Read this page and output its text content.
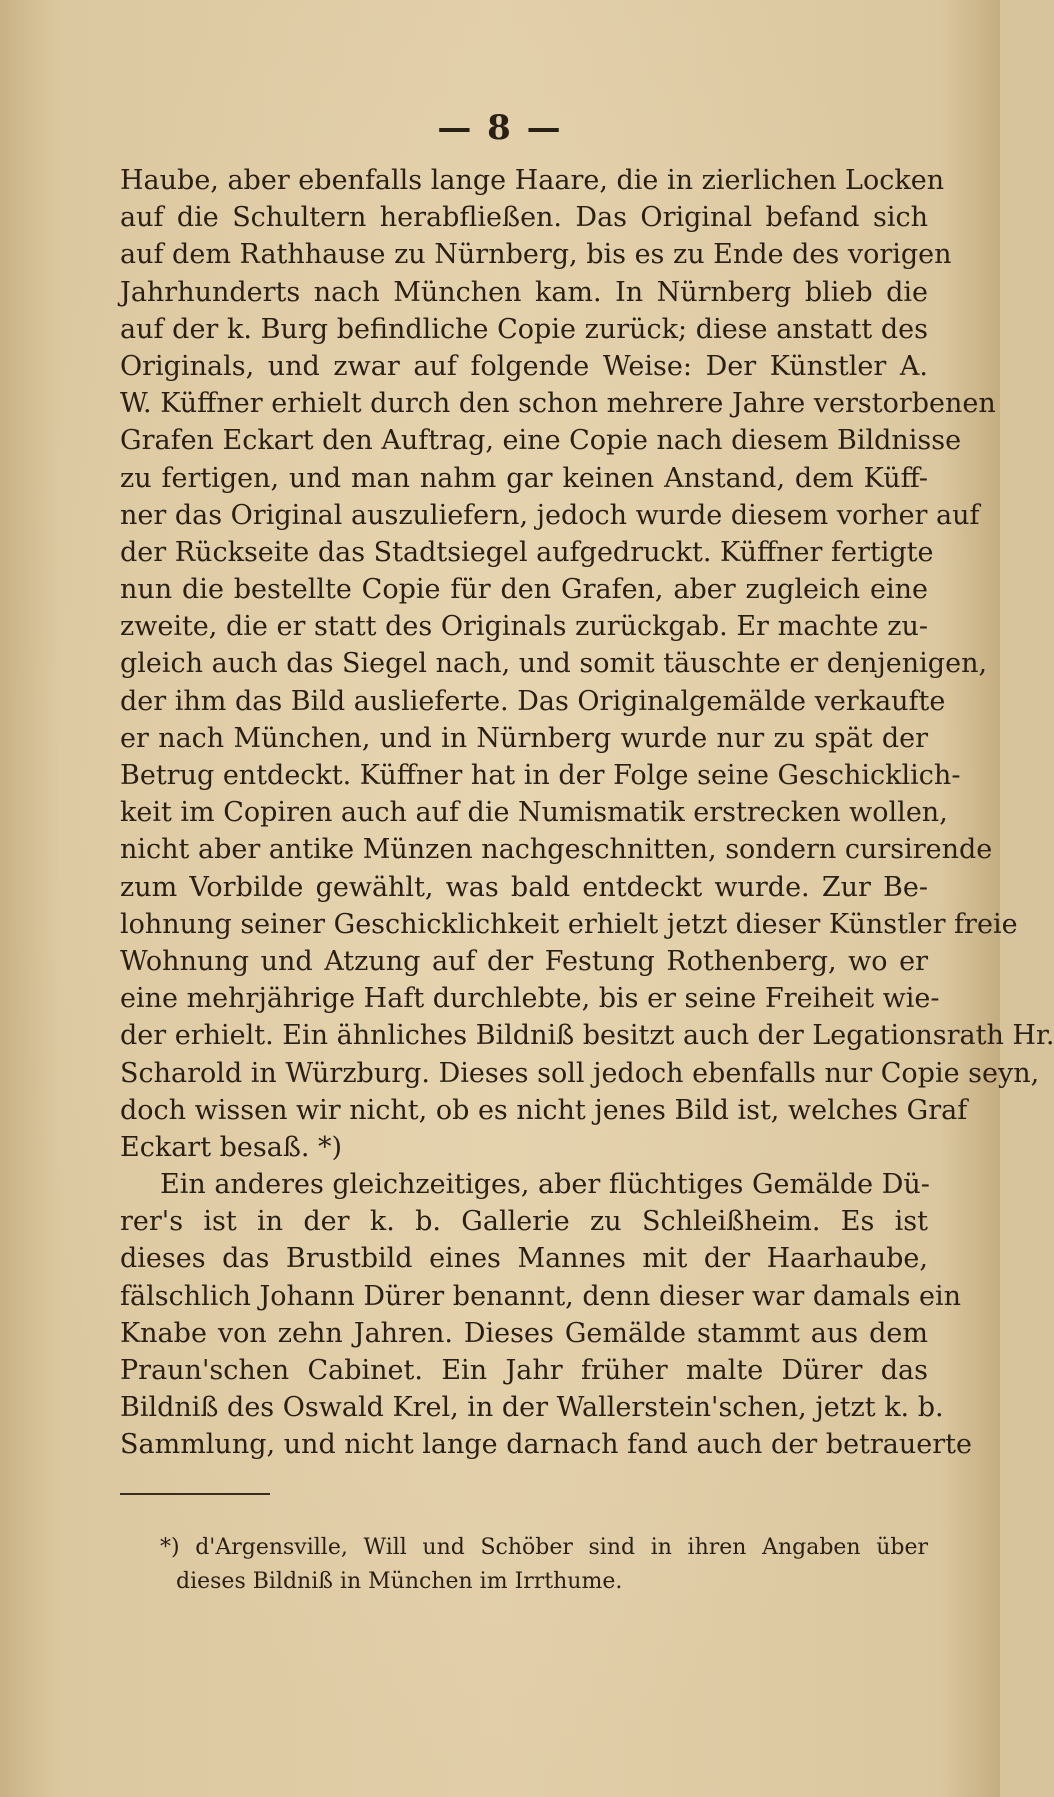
— 8 —
Haube, aber ebenfalls lange Haare, die in zierlichen Locken
auf die Schultern herabfließen. Das Original befand sich
auf dem Rathhause zu Nürnberg, bis es zu Ende des vorigen
Jahrhunderts nach München kam. In Nürnberg blieb die
auf der k. Burg befindliche Copie zurück; diese anstatt des
Originals, und zwar auf folgende Weise: Der Künstler A.
W. Küffner erhielt durch den schon mehrere Jahre verstorbenen
Grafen Eckart den Auftrag, eine Copie nach diesem Bildnisse
zu fertigen, und man nahm gar keinen Anstand, dem Küff-
ner das Original auszuliefern, jedoch wurde diesem vorher auf
der Rückseite das Stadtsiegel aufgedruckt. Küffner fertigte
nun die bestellte Copie für den Grafen, aber zugleich eine
zweite, die er statt des Originals zurückgab. Er machte zu-
gleich auch das Siegel nach, und somit täuschte er denjenigen,
der ihm das Bild auslieferte. Das Originalgemälde verkaufte
er nach München, und in Nürnberg wurde nur zu spät der
Betrug entdeckt. Küffner hat in der Folge seine Geschicklich-
keit im Copiren auch auf die Numismatik erstrecken wollen,
nicht aber antike Münzen nachgeschnitten, sondern cursirende
zum Vorbilde gewählt, was bald entdeckt wurde. Zur Be-
lohnung seiner Geschicklichkeit erhielt jetzt dieser Künstler freie
Wohnung und Atzung auf der Festung Rothenberg, wo er
eine mehrjährige Haft durchlebte, bis er seine Freiheit wie-
der erhielt. Ein ähnliches Bildniß besitzt auch der Legationsrath Hr.
Scharold in Würzburg. Dieses soll jedoch ebenfalls nur Copie seyn,
doch wissen wir nicht, ob es nicht jenes Bild ist, welches Graf
Eckart besaß. *)
Ein anderes gleichzeitiges, aber flüchtiges Gemälde Dü-
rer's ist in der k. b. Gallerie zu Schleißheim. Es ist
dieses das Brustbild eines Mannes mit der Haarhaube,
fälschlich Johann Dürer benannt, denn dieser war damals ein
Knabe von zehn Jahren. Dieses Gemälde stammt aus dem
Praun'schen Cabinet. Ein Jahr früher malte Dürer das
Bildniß des Oswald Krel, in der Wallerstein'schen, jetzt k. b.
Sammlung, und nicht lange darnach fand auch der betrauerte
*) d'Argensville, Will und Schöber sind in ihren Angaben über
dieses Bildniß in München im Irrthume.
